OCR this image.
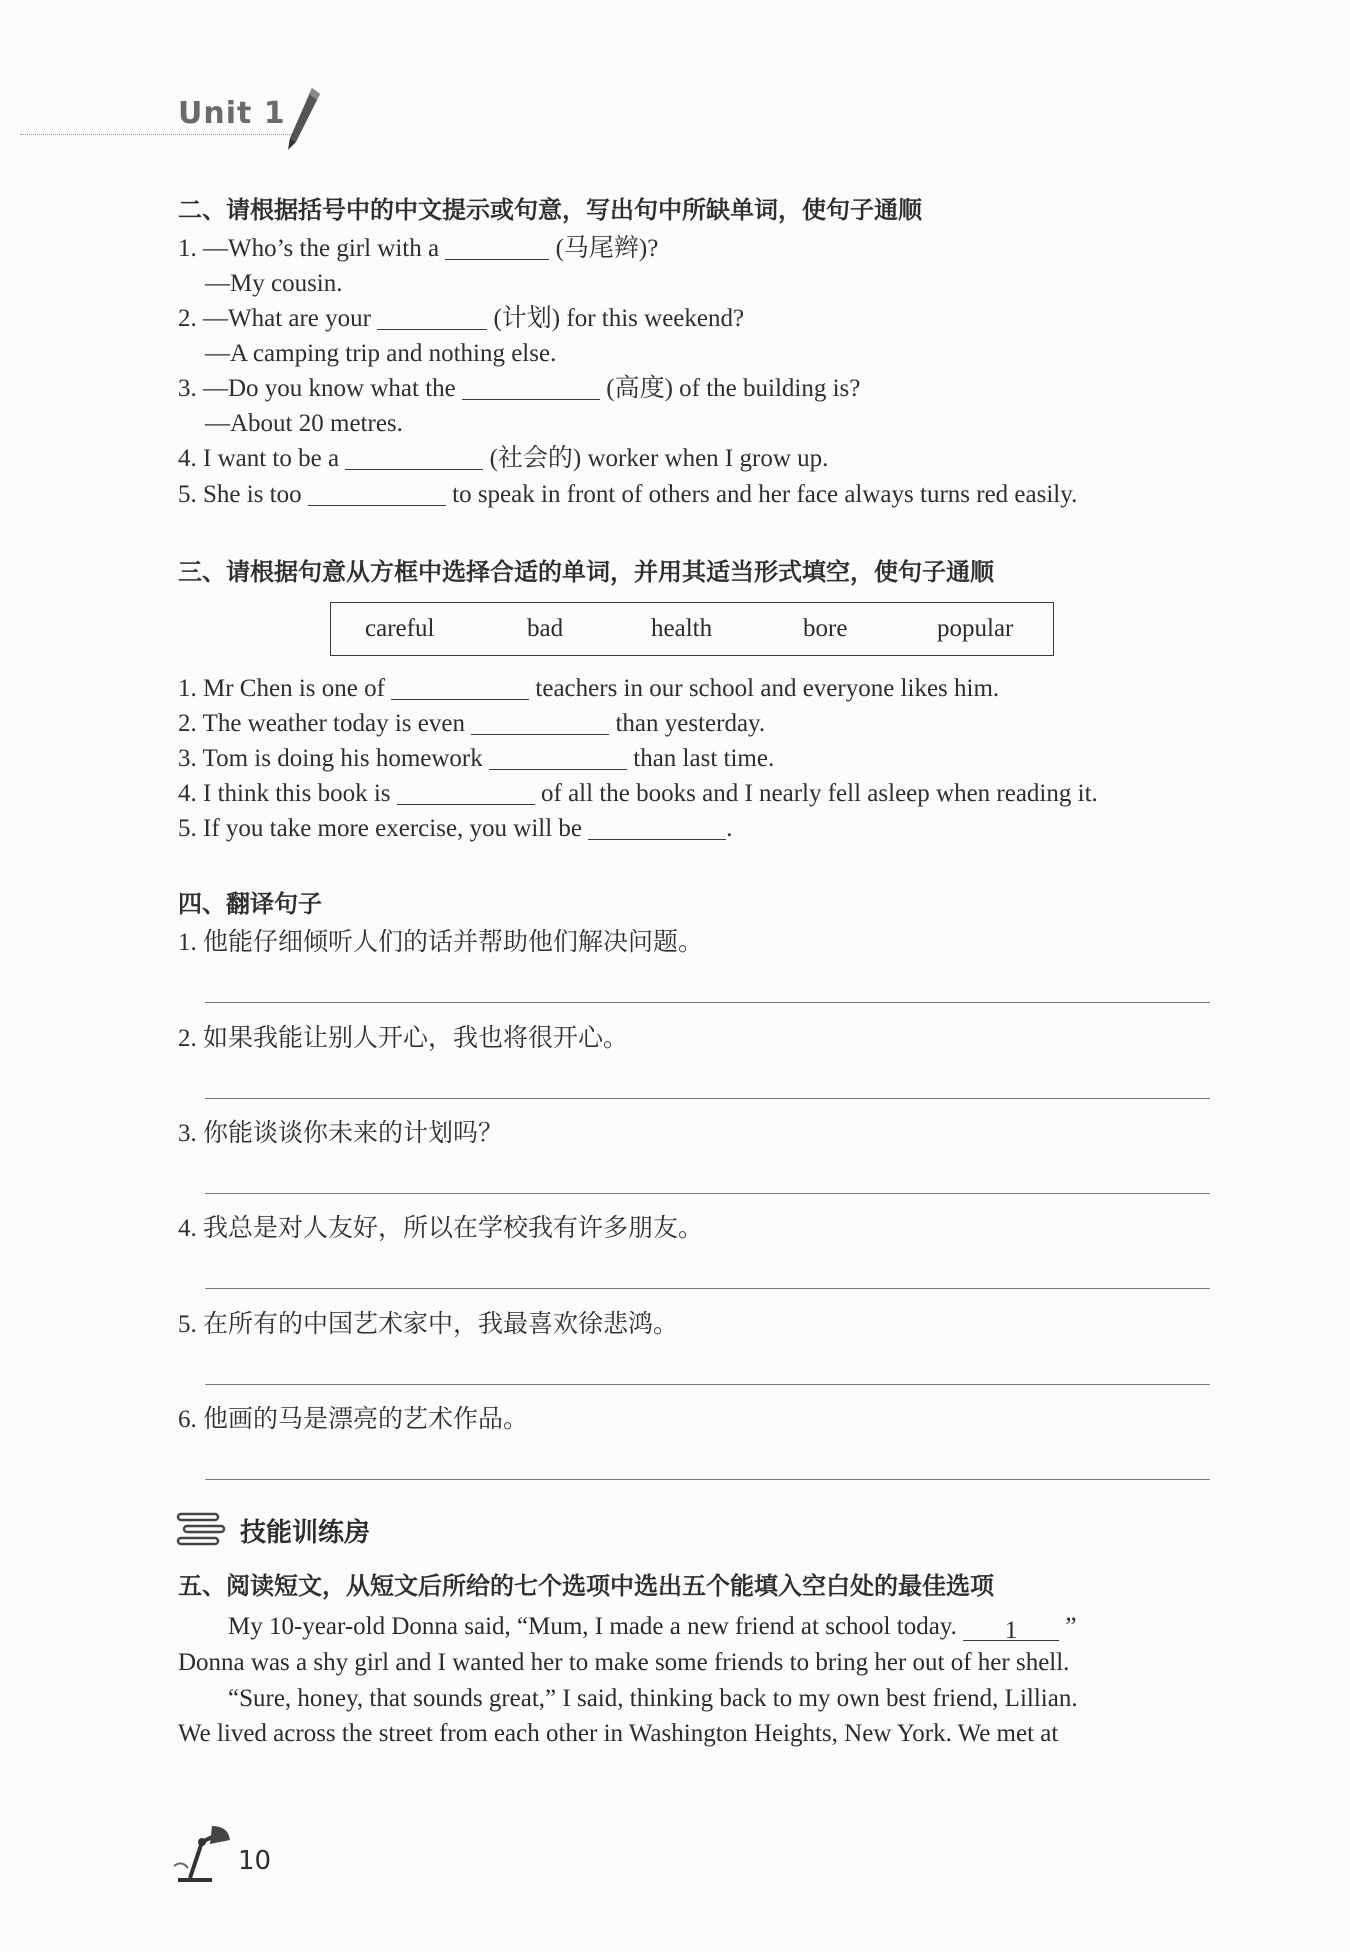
Unit 1
二、请根据括号中的中文提示或句意，写出句中所缺单词，使句子通顺
1. —Who’s the girl with a	(马尾辫)?
—My cousin.
2. —What are your	(计划) for this weekend?
—A camping trip and nothing else.
3. —Do you know what the	(高度) of the building is?
—About 20 metres.
4. I want to be a	(社会的) worker when I grow up.
5. She is too	to speak in front of others and her face always turns red easily.
三、请根据句意从方框中选择合适的单词，并用其适当形式填空，使句子通顺
careful	bad	health	bore	popular
1. Mr Chen is one of	teachers in our school and everyone likes him.
2. The weather today is even	than yesterday.
3. Tom is doing his homework	than last time.
4. I think this book is	of all the books and I nearly fell asleep when reading it.
5. If you take more exercise, you will be	.
四、翻译句子
1. 他能仔细倾听人们的话并帮助他们解决问题。
2. 如果我能让别人开心，我也将很开心。
3. 你能谈谈你未来的计划吗？
4. 我总是对人友好，所以在学校我有许多朋友。
5. 在所有的中国艺术家中，我最喜欢徐悲鸿。
6. 他画的马是漂亮的艺术作品。
技能训练房
五、阅读短文，从短文后所给的七个选项中选出五个能填入空白处的最佳选项
My 10-year-old Donna said, “Mum, I made a new friend at school today. 1 ”
Donna was a shy girl and I wanted her to make some friends to bring her out of her shell.
“Sure, honey, that sounds great,” I said, thinking back to my own best friend, Lillian.
We lived across the street from each other in Washington Heights, New York. We met at
10
